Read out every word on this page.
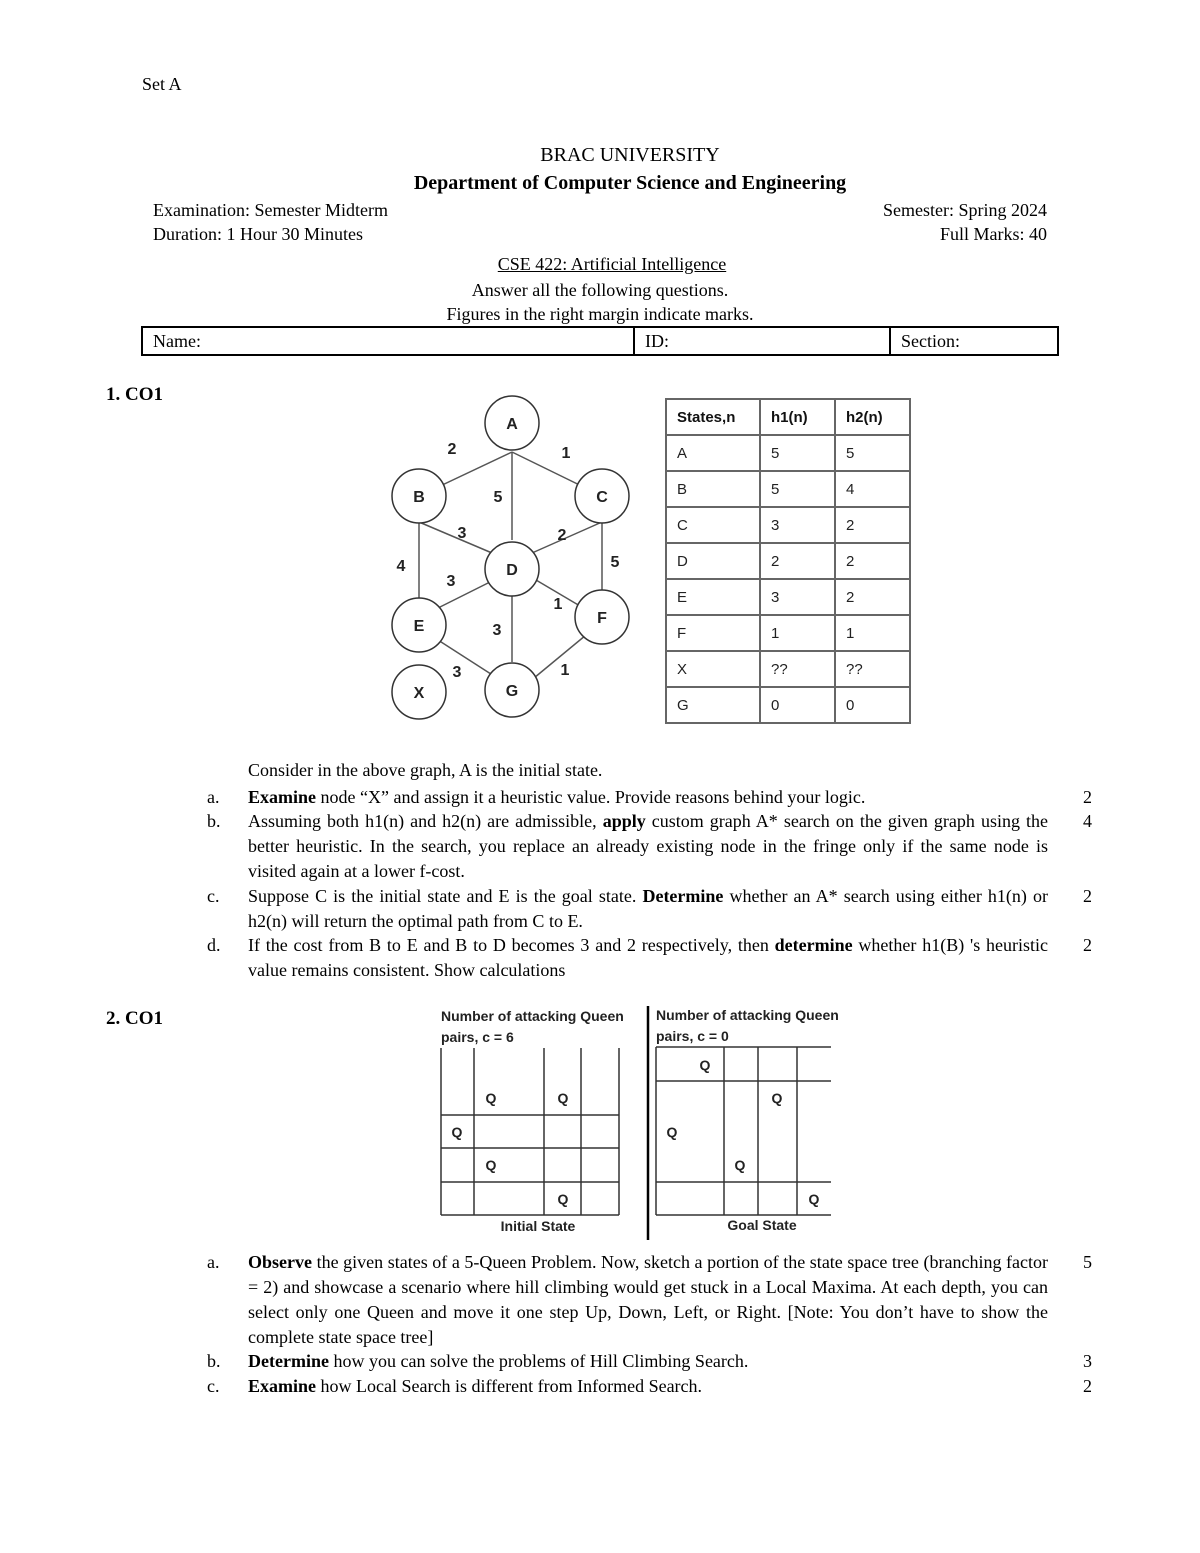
Set A
BRAC UNIVERSITY
Department of Computer Science and Engineering
Examination: Semester Midterm	Semester: Spring 2024
Duration: 1 Hour 30 Minutes	Full Marks: 40
CSE 422: Artificial Intelligence
Answer all the following questions.
Figures in the right margin indicate marks.
Name:	ID:	Section:
1. CO1
2	1
5
3	2
4	5
3
1
3
3	1
A
B	C
D
E	F
X	G
States,n	h1(n)	h2(n)
A	5	5
B	5	4
C	3	2
D	2	2
E	3	2
F	1	1
X	??	??
G	0	0
Consider in the above graph, A is the initial state.
a. Examine node “X” and assign it a heuristic value. Provide reasons behind your logic.	2
b. Assuming both h1(n) and h2(n) are admissible, apply custom graph A* search on the given graph using the better heuristic. In the search, you replace an already existing node in the fringe only if the same node is visited again at a lower f-cost.
4
c. Suppose C is the initial state and E is the goal state. Determine whether an A* search using either h1(n) or h2(n) will return the optimal path from C to E.
2
d. If the cost from B to E and B to D becomes 3 and 2 respectively, then determine whether h1(B) 's heuristic value remains consistent. Show calculations
2
2. CO1	Number of attacking Queen
pairs, c = 6
Number of attacking Queen
pairs, c = 0
Q	Q
Q
Q
Q
Initial State
Q
Q
Q
Q
Q
Goal State
a. Observe the given states of a 5-Queen Problem. Now, sketch a portion of the state space tree (branching factor = 2) and showcase a scenario where hill climbing would get stuck in a Local Maxima. At each depth, you can select only one Queen and move it one step Up, Down, Left, or Right. [Note: You don’t have to show the complete state space tree]
5
b. Determine how you can solve the problems of Hill Climbing Search.	3
c. Examine how Local Search is different from Informed Search.	2
